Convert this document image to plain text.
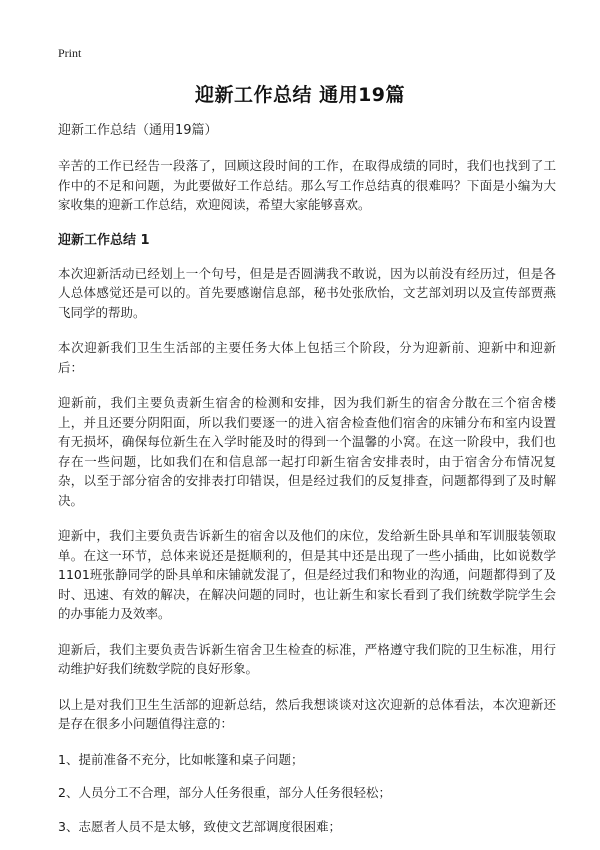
Print
迎新工作总结 通用19篇

迎新工作总结（通用19篇）

辛苦的工作已经告一段落了，回顾这段时间的工作，在取得成绩的同时，我们也找到了工作中的不足和问题，为此要做好工作总结。那么写工作总结真的很难吗？下面是小编为大家收集的迎新工作总结，欢迎阅读，希望大家能够喜欢。

迎新工作总结 1

本次迎新活动已经划上一个句号，但是是否圆满我不敢说，因为以前没有经历过，但是各人总体感觉还是可以的。首先要感谢信息部，秘书处张欣怡，文艺部刘玥以及宣传部贾燕飞同学的帮助。

本次迎新我们卫生生活部的主要任务大体上包括三个阶段，分为迎新前、迎新中和迎新后：

迎新前，我们主要负责新生宿舍的检测和安排，因为我们新生的宿舍分散在三个宿舍楼上，并且还要分阴阳面，所以我们要逐一的进入宿舍检查他们宿舍的床铺分布和室内设置有无损坏，确保每位新生在入学时能及时的得到一个温馨的小窝。在这一阶段中，我们也存在一些问题，比如我们在和信息部一起打印新生宿舍安排表时，由于宿舍分布情况复杂，以至于部分宿舍的安排表打印错误，但是经过我们的反复排查，问题都得到了及时解决。

迎新中，我们主要负责告诉新生的宿舍以及他们的床位，发给新生卧具单和军训服装领取单。在这一环节，总体来说还是挺顺利的，但是其中还是出现了一些小插曲，比如说数学1101班张静同学的卧具单和床铺就发混了，但是经过我们和物业的沟通，问题都得到了及时、迅速、有效的解决，在解决问题的同时，也让新生和家长看到了我们统数学院学生会的办事能力及效率。

迎新后，我们主要负责告诉新生宿舍卫生检查的标准，严格遵守我们院的卫生标准，用行动维护好我们统数学院的良好形象。

以上是对我们卫生生活部的迎新总结，然后我想谈谈对这次迎新的总体看法，本次迎新还是存在很多小问题值得注意的：

1、提前准备不充分，比如帐篷和桌子问题；

2、人员分工不合理，部分人任务很重，部分人任务很轻松；

3、志愿者人员不是太够，致使文艺部调度很困难；
